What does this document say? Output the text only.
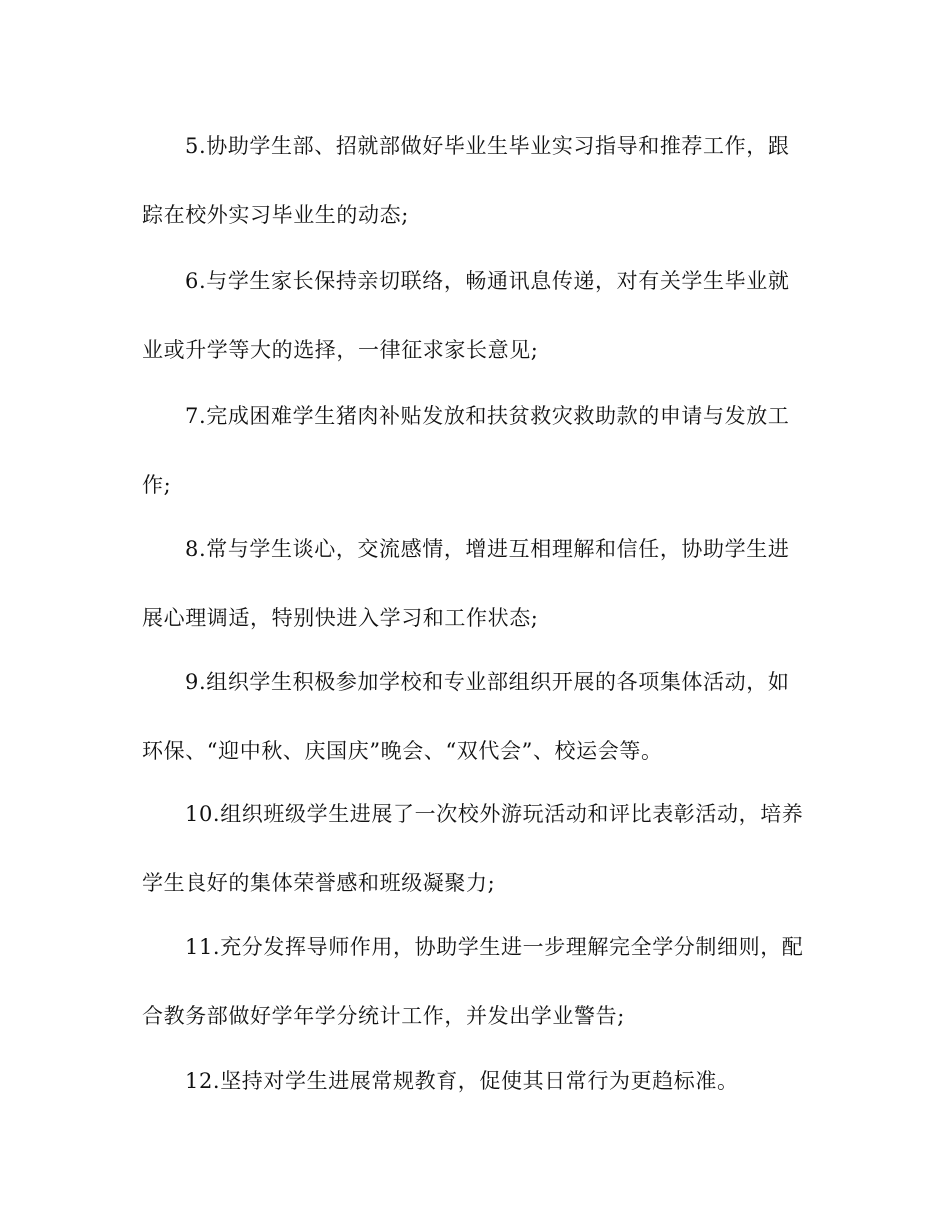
5.协助学生部、招就部做好毕业生毕业实习指导和推荐工作，跟

踪在校外实习毕业生的动态;

6.与学生家长保持亲切联络，畅通讯息传递，对有关学生毕业就

业或升学等大的选择，一律征求家长意见;

7.完成困难学生猪肉补贴发放和扶贫救灾救助款的申请与发放工

作;

8.常与学生谈心，交流感情，增进互相理解和信任，协助学生进

展心理调适，特别快进入学习和工作状态;

9.组织学生积极参加学校和专业部组织开展的各项集体活动，如

环保、“迎中秋、庆国庆”晚会、“双代会”、校运会等。

10.组织班级学生进展了一次校外游玩活动和评比表彰活动，培养

学生良好的集体荣誉感和班级凝聚力;

11.充分发挥导师作用，协助学生进一步理解完全学分制细则，配

合教务部做好学年学分统计工作，并发出学业警告;

12.坚持对学生进展常规教育，促使其日常行为更趋标准。
